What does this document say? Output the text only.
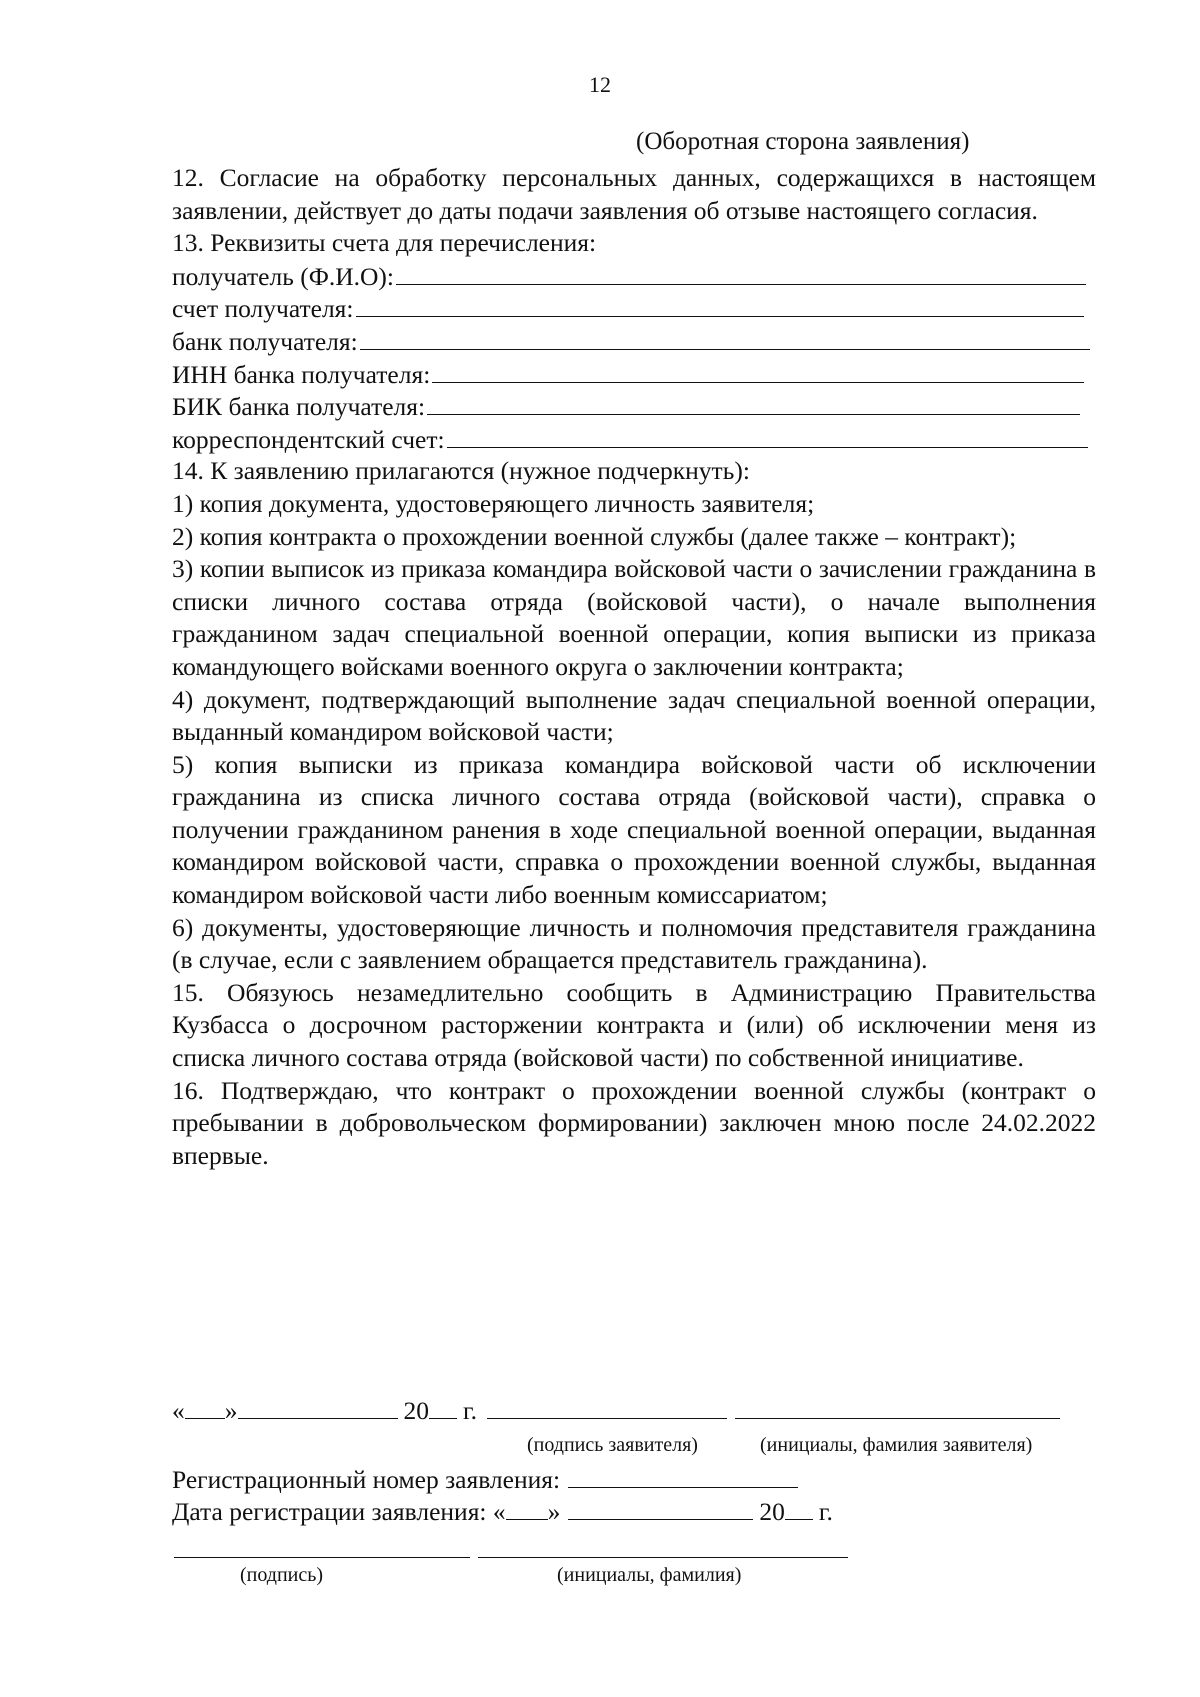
12
(Оборотная сторона заявления)

12. Согласие на обработку персональных данных, содержащихся в настоящем заявлении, действует до даты подачи заявления об отзыве настоящего согласия.

13. Реквизиты счета для перечисления:

получатель (Ф.И.О):
счет получателя:
банк получателя:
ИНН банка получателя:
БИК банка получателя:
корреспондентский счет:

14. К заявлению прилагаются (нужное подчеркнуть):

1) копия документа, удостоверяющего личность заявителя;

2) копия контракта о прохождении военной службы (далее также – контракт);

3) копии выписок из приказа командира войсковой части о зачислении гражданина в списки личного состава отряда (войсковой части), о начале выполнения гражданином задач специальной военной операции, копия выписки из приказа командующего войсками военного округа о заключении контракта;

4) документ, подтверждающий выполнение задач специальной военной операции, выданный командиром войсковой части;

5) копия выписки из приказа командира войсковой части об исключении гражданина из списка личного состава отряда (войсковой части), справка о получении гражданином ранения в ходе специальной военной операции, выданная командиром войсковой части, справка о прохождении военной службы, выданная командиром войсковой части либо военным комиссариатом;

6) документы, удостоверяющие личность и полномочия представителя гражданина (в случае, если с заявлением обращается представитель гражданина).

15. Обязуюсь незамедлительно сообщить в Администрацию Правительства Кузбасса о досрочном расторжении контракта и (или) об исключении меня из списка личного состава отряда (войсковой части) по собственной инициативе.

16. Подтверждаю, что контракт о прохождении военной службы (контракт о пребывании в добровольческом формировании) заключен мною после 24.02.2022 впервые.

« »	20 г.
(подпись заявителя)	(инициалы, фамилия заявителя)
Регистрационный номер заявления:
Дата регистрации заявления: « »	20 г.
(подпись)	(инициалы, фамилия)
